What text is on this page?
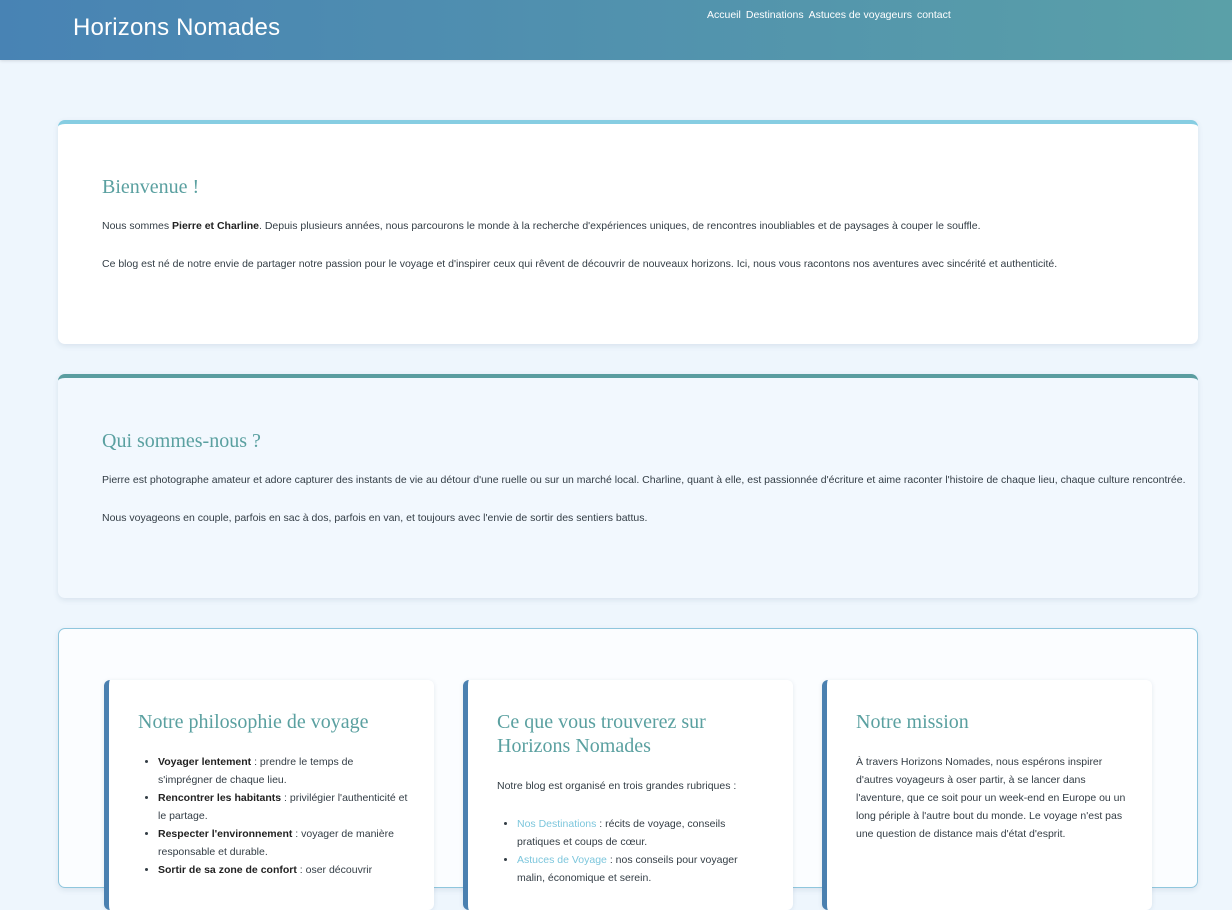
Horizons Nomades	Accueil Destinations Astuces de voyageurs contact
Bienvenue !

Nous sommes Pierre et Charline. Depuis plusieurs années, nous parcourons le monde à la recherche d'expériences uniques, de rencontres inoubliables et de paysages à couper le souffle.

Ce blog est né de notre envie de partager notre passion pour le voyage et d'inspirer ceux qui rêvent de découvrir de nouveaux horizons. Ici, nous vous racontons nos aventures avec sincérité et authenticité.

Qui sommes-nous ?

Pierre est photographe amateur et adore capturer des instants de vie au détour d'une ruelle ou sur un marché local. Charline, quant à elle, est passionnée d'écriture et aime raconter l'histoire de chaque lieu, chaque culture rencontrée.

Nous voyageons en couple, parfois en sac à dos, parfois en van, et toujours avec l'envie de sortir des sentiers battus.

Notre philosophie de voyage
• Voyager lentement : prendre le temps de s'imprégner de chaque lieu.
• Rencontrer les habitants : privilégier l'authenticité et le partage.
• Respecter l'environnement : voyager de manière responsable et durable.
• Sortir de sa zone de confort : oser découvrir
Ce que vous trouverez sur Horizons Nomades

Notre blog est organisé en trois grandes rubriques :

• Nos Destinations : récits de voyage, conseils pratiques et coups de cœur.
• Astuces de Voyage : nos conseils pour voyager malin, économique et serein.
Notre mission

À travers Horizons Nomades, nous espérons inspirer d'autres voyageurs à oser partir, à se lancer dans l'aventure, que ce soit pour un week-end en Europe ou un long périple à l'autre bout du monde. Le voyage n'est pas une question de distance mais d'état d'esprit.
